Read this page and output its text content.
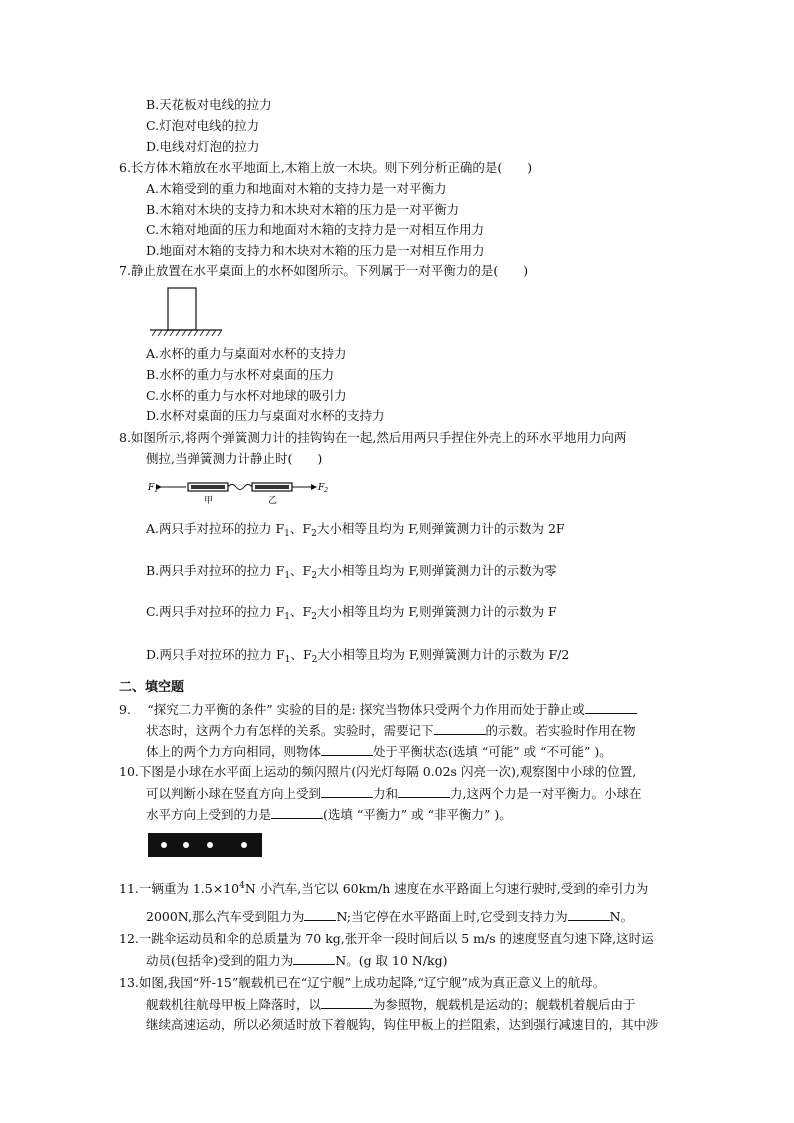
B.天花板对电线的拉力
C.灯泡对电线的拉力
D.电线对灯泡的拉力
6.长方体木箱放在水平地面上,木箱上放一木块。则下列分析正确的是(　　)
A.木箱受到的重力和地面对木箱的支持力是一对平衡力
B.木箱对木块的支持力和木块对木箱的压力是一对平衡力
C.木箱对地面的压力和地面对木箱的支持力是一对相互作用力
D.地面对木箱的支持力和木块对木箱的压力是一对相互作用力
7.静止放置在水平桌面上的水杯如图所示。下列属于一对平衡力的是(　　)
A.水杯的重力与桌面对水杯的支持力
B.水杯的重力与水杯对桌面的压力
C.水杯的重力与水杯对地球的吸引力
D.水杯对桌面的压力与桌面对水杯的支持力
8.如图所示,将两个弹簧测力计的挂钩钩在一起,然后用两只手捏住外壳上的环水平地用力向两
侧拉,当弹簧测力计静止时(　　)
$F_1$	$F_2$
甲	乙
A.两只手对拉环的拉力 $F_1$、$F_2$大小相等且均为 F,则弹簧测力计的示数为 2F
B.两只手对拉环的拉力 $F_1$、$F_2$大小相等且均为 F,则弹簧测力计的示数为零
C.两只手对拉环的拉力 $F_1$、$F_2$大小相等且均为 F,则弹簧测力计的示数为 F
D.两只手对拉环的拉力 $F_1$、$F_2$大小相等且均为 F,则弹簧测力计的示数为 F/2
二、填空题
9.　 “探究二力平衡的条件” 实验的目的是: 探究当物体只受两个力作用而处于静止或
状态时，这两个力有怎样的关系。实验时，需要记下	的示数。若实验时作用在物
体上的两个力方向相同，则物体	处于平衡状态(选填 “可能” 或 “不可能” )。
10.下图是小球在水平面上运动的频闪照片(闪光灯每隔 0.02s 闪亮一次),观察图中小球的位置,
可以判断小球在竖直方向上受到	力和	力,这两个力是一对平衡力。小球在
水平方向上受到的力是	(选填 “平衡力” 或 “非平衡力” )。
11.一辆重为 $1.5\times 10^4N$ 小汽车,当它以 60km/h 速度在水平路面上匀速行驶时,受到的牵引力为
2000N,那么汽车受到阻力为	N;当它停在水平路面上时,它受到支持力为	N。
12.一跳伞运动员和伞的总质量为 70 kg,张开伞一段时间后以 5 m/s 的速度竖直匀速下降,这时运
动员(包括伞)受到的阻力为	N。(g 取 10 N/kg)
13.如图,我国“歼-15”舰载机已在“辽宁舰”上成功起降,“辽宁舰”成为真正意义上的航母。
舰载机往航母甲板上降落时，以	为参照物，舰载机是运动的；舰载机着舰后由于
继续高速运动，所以必须适时放下着舰钩，钩住甲板上的拦阻索，达到强行减速目的，其中涉
